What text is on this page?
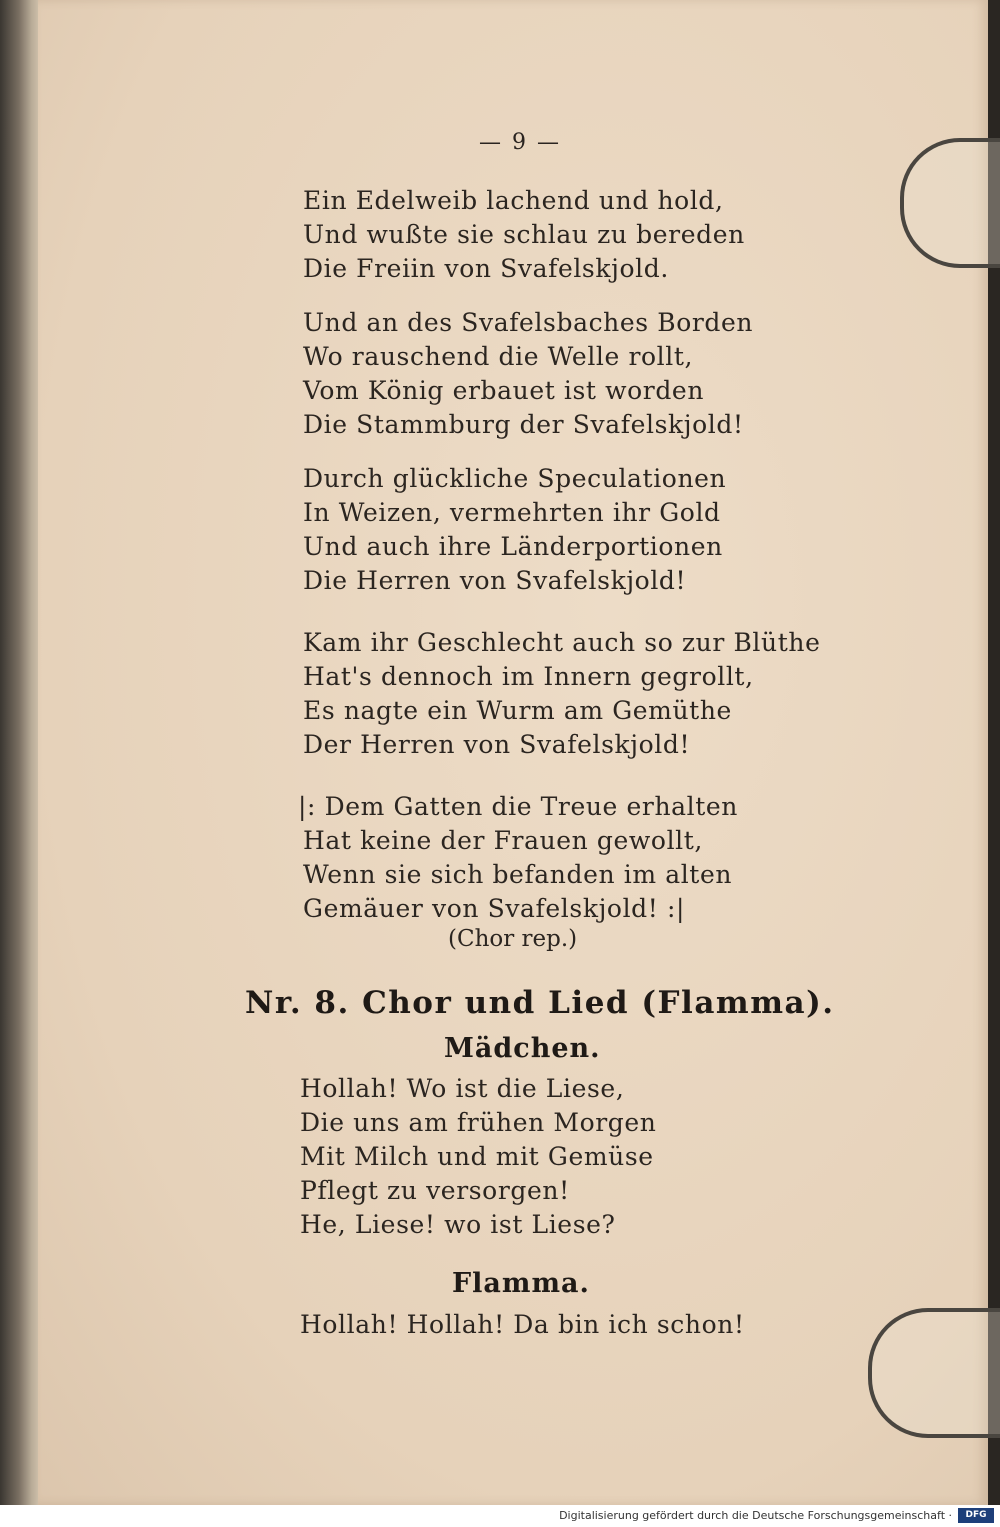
— 9 —
Ein Edelweib lachend und hold,
Und wußte sie schlau zu bereden
Die Freiin von Svafelskjold.
Und an des Svafelsbaches Borden
Wo rauschend die Welle rollt,
Vom König erbauet ist worden
Die Stammburg der Svafelskjold!
Durch glückliche Speculationen
In Weizen, vermehrten ihr Gold
Und auch ihre Länderportionen
Die Herren von Svafelskjold!
Kam ihr Geschlecht auch so zur Blüthe
Hat's dennoch im Innern gegrollt,
Es nagte ein Wurm am Gemüthe
Der Herren von Svafelskjold!
|: Dem Gatten die Treue erhalten
Hat keine der Frauen gewollt,
Wenn sie sich befanden im alten
Gemäuer von Svafelskjold! :|
(Chor rep.)
Nr. 8. Chor und Lied (Flamma).
Mädchen.
Hollah! Wo ist die Liese,
Die uns am frühen Morgen
Mit Milch und mit Gemüse
Pflegt zu versorgen!
He, Liese! wo ist Liese?
Flamma.
Hollah! Hollah! Da bin ich schon!
Digitalisierung gefördert durch die Deutsche Forschungsgemeinschaft ·	DFG
